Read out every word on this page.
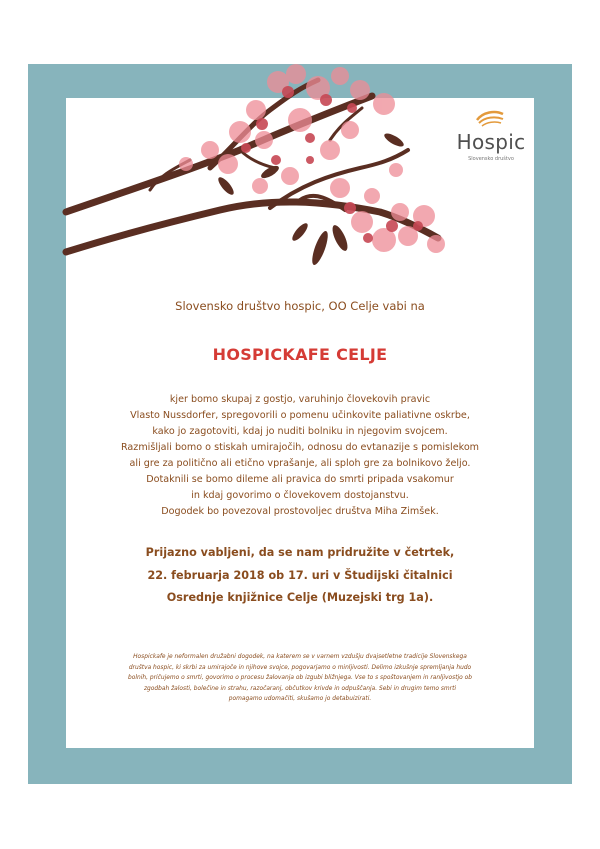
Hospic
Slovensko društvo
Slovensko društvo hospic, OO Celje vabi na
HOSPICKAFE CELJE
kjer bomo skupaj z gostjo, varuhinjo človekovih pravic
Vlasto Nussdorfer, spregovorili o pomenu učinkovite paliativne oskrbe,
kako jo zagotoviti, kdaj jo nuditi bolniku in njegovim svojcem.
Razmišljali bomo o stiskah umirajočih, odnosu do evtanazije s pomislekom
ali gre za politično ali etično vprašanje, ali sploh gre za bolnikovo željo.
Dotaknili se bomo dileme ali pravica do smrti pripada vsakomur
in kdaj govorimo o človekovem dostojanstvu.
Dogodek bo povezoval prostovoljec društva Miha Zimšek.
Prijazno vabljeni, da se nam pridružite v četrtek,
22. februarja 2018 ob 17. uri v Študijski čitalnici
Osrednje knjižnice Celje (Muzejski trg 1a).
Hospickafe je neformalen družabni dogodek, na katerem se v varnem vzdušju dvajsetletne tradicije Slovenskega
društva hospic, ki skrbi za umirajoče in njihove svojce, pogovarjamo o minljivosti. Delimo izkušnje spremljanja hudo
bolnih, pričujemo o smrti, govorimo o procesu žalovanja ob izgubi bližnjega. Vse to s spoštovanjem in ranljivostjo ob
zgodbah žalosti, bolečine in strahu, razočaranj, občutkov krivde in odpuščanja. Sebi in drugim temo smrti
pomagamo udomačiti, skušamo jo detabuizirati.
